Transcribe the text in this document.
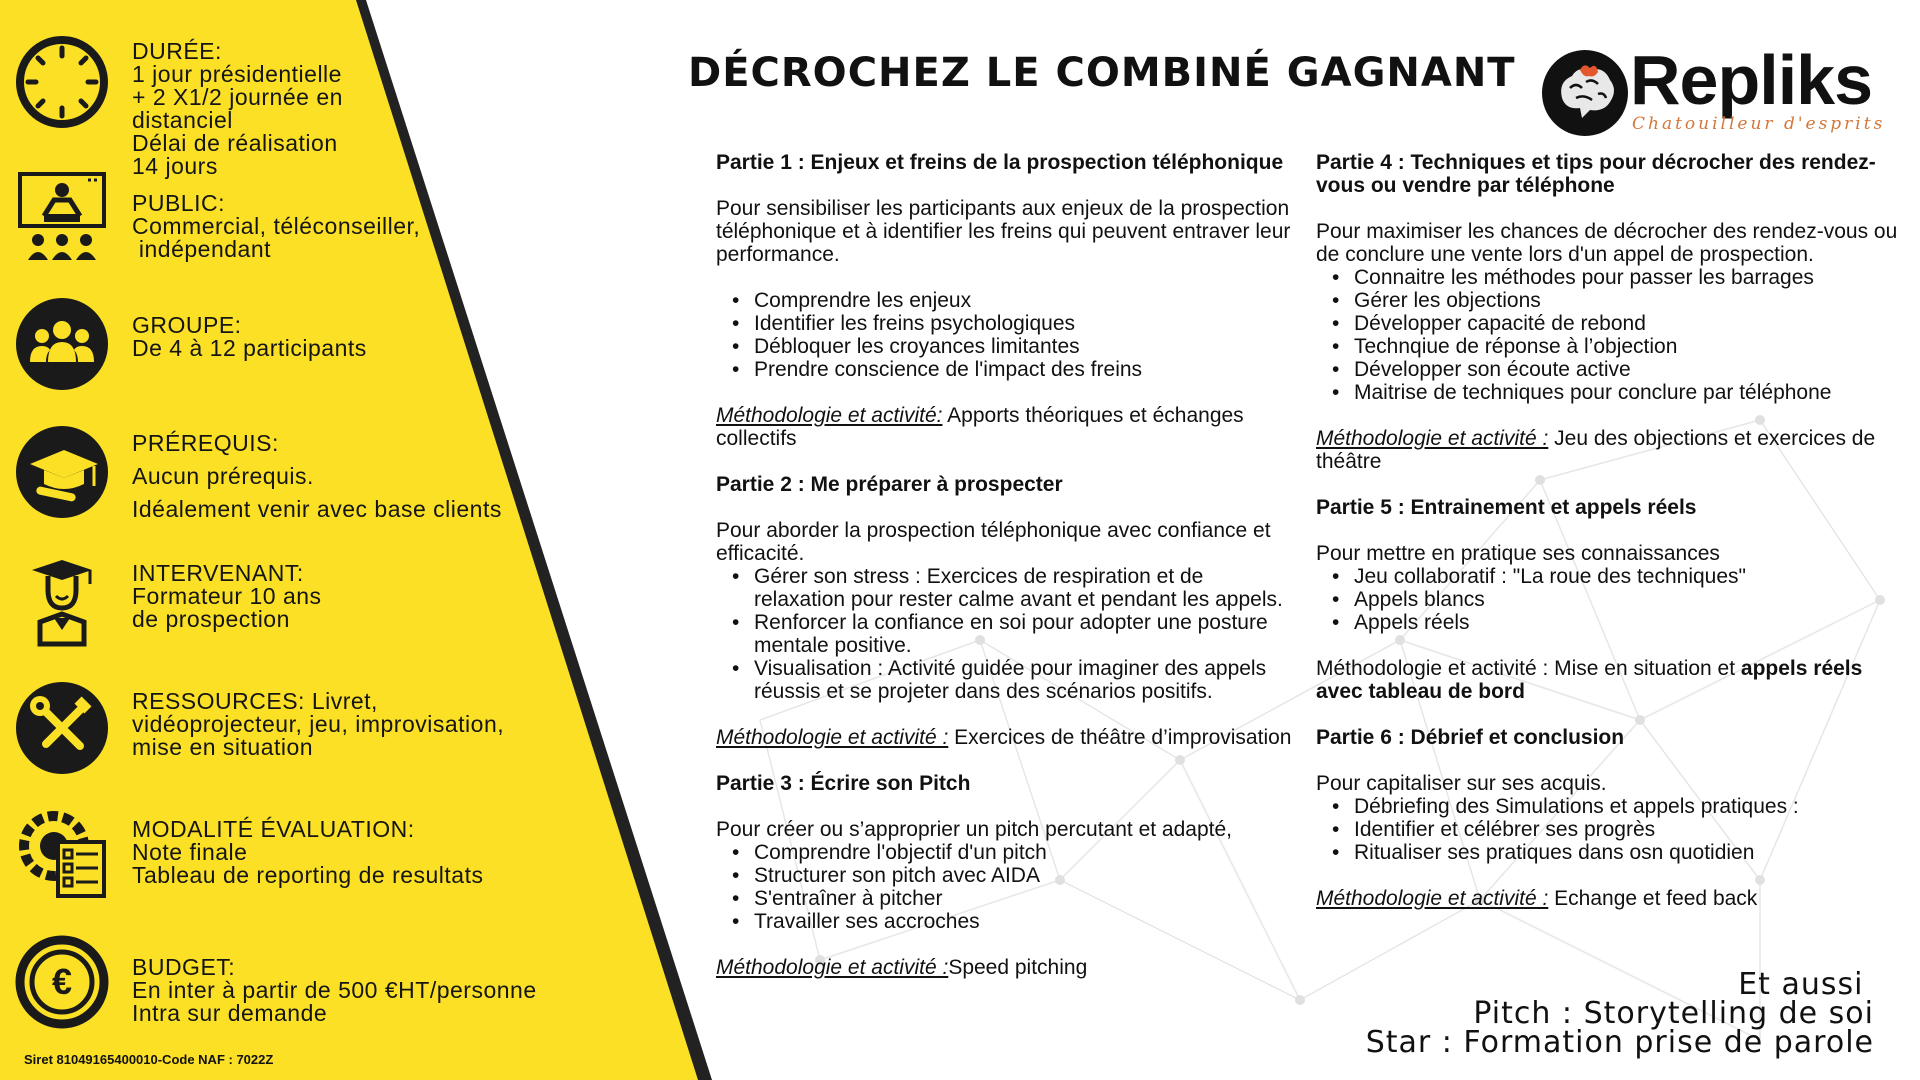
DURÉE:
1 jour présidentielle
+ 2 X1/2 journée en
distanciel
Délai de réalisation
14 jours
PUBLIC:
Commercial, téléconseiller,
indépendant
GROUPE:
De 4 à 12 participants
PRÉREQUIS:
Aucun prérequis.
Idéalement venir avec base clients
INTERVENANT:
Formateur 10 ans
de prospection
RESSOURCES: Livret,
vidéoprojecteur, jeu, improvisation,
mise en situation
MODALITÉ ÉVALUATION:
Note finale
Tableau de reporting de resultats
€	BUDGET:
En inter à partir de 500 €HT/personne
Intra sur demande
Siret 81049165400010-Code NAF : 7022Z
DÉCROCHEZ LE COMBINÉ GAGNANT Repliks
Chatouilleur d'esprits
Partie 1 : Enjeux et freins de la prospection téléphonique

Pour sensibiliser les participants aux enjeux de la prospection téléphonique et à identifier les freins qui peuvent entraver leur performance.

• Comprendre les enjeux
• Identifier les freins psychologiques
• Débloquer les croyances limitantes
• Prendre conscience de l'impact des freins

Méthodologie et activité: Apports théoriques et échanges collectifs

Partie 2 : Me préparer à prospecter

Pour aborder la prospection téléphonique avec confiance et efficacité.

• Gérer son stress : Exercices de respiration et de relaxation pour rester calme avant et pendant les appels.
• Renforcer la confiance en soi pour adopter une posture mentale positive.
• Visualisation : Activité guidée pour imaginer des appels réussis et se projeter dans des scénarios positifs.

Méthodologie et activité : Exercices de théâtre d’improvisation

Partie 3 : Écrire son Pitch

Pour créer ou s’approprier un pitch percutant et adapté,

• Comprendre l'objectif d'un pitch
• Structurer son pitch avec AIDA
• S'entraîner à pitcher
• Travailler ses accroches

Méthodologie et activité :Speed pitching

Partie 4 : Techniques et tips pour décrocher des rendez-vous ou vendre par téléphone

Pour maximiser les chances de décrocher des rendez-vous ou de conclure une vente lors d'un appel de prospection.

• Connaitre les méthodes pour passer les barrages
• Gérer les objections
• Développer capacité de rebond
• Technqiue de réponse à l’objection
• Développer son écoute active
• Maitrise de techniques pour conclure par téléphone

Méthodologie et activité : Jeu des objections et exercices de théâtre

Partie 5 : Entrainement et appels réels

Pour mettre en pratique ses connaissances

• Jeu collaboratif : "La roue des techniques"
• Appels blancs
• Appels réels

Méthodologie et activité : Mise en situation et appels réels avec tableau de bord

Partie 6 : Débrief et conclusion

Pour capitaliser sur ses acquis.

• Débriefing des Simulations et appels pratiques :
• Identifier et célébrer ses progrès
• Ritualiser ses pratiques dans osn quotidien

Méthodologie et activité : Echange et feed back

Et aussi
Pitch : Storytelling de soi
Star : Formation prise de parole
